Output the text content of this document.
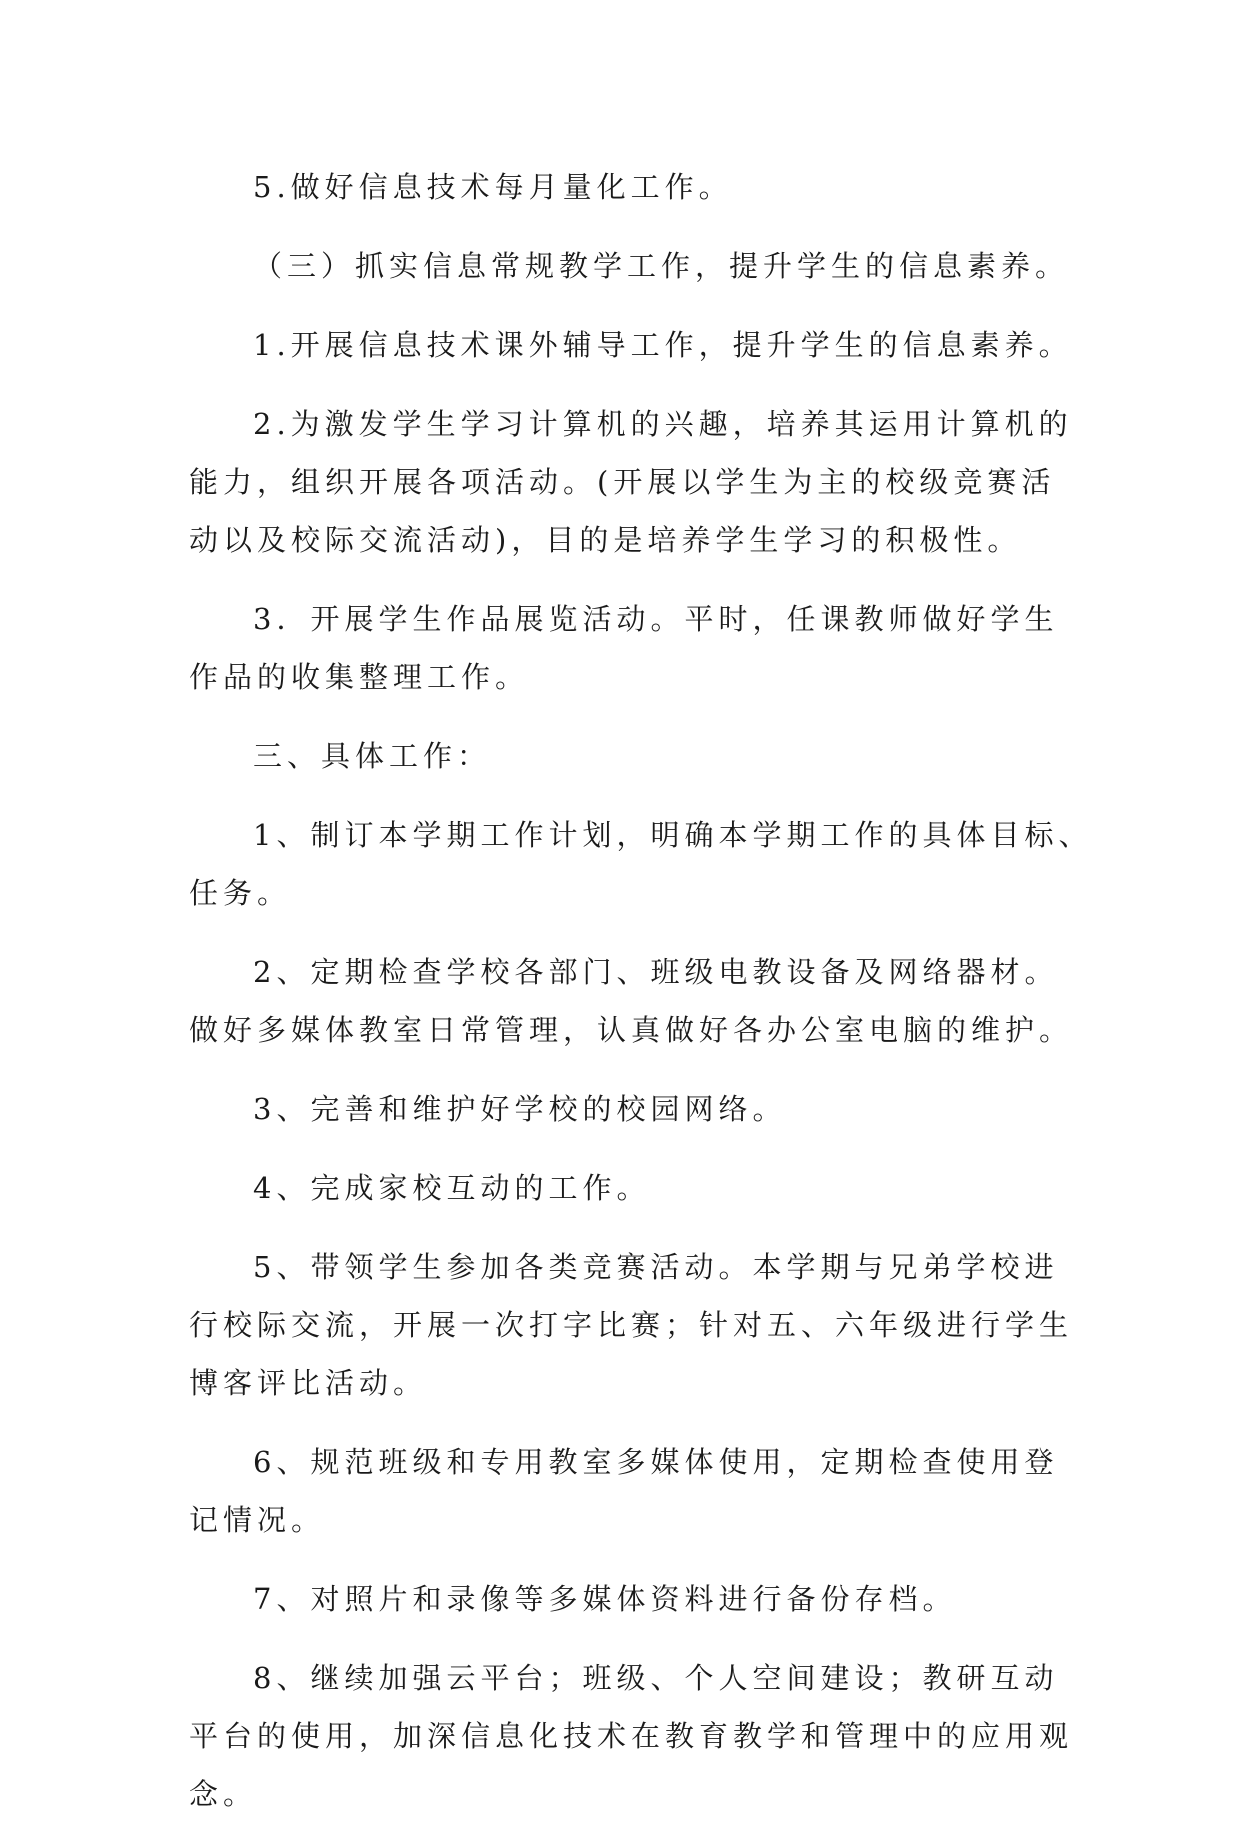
5.做好信息技术每月量化工作。

（三）抓实信息常规教学工作，提升学生的信息素养。

1.开展信息技术课外辅导工作，提升学生的信息素养。

2.为激发学生学习计算机的兴趣，培养其运用计算机的
能力，组织开展各项活动。(开展以学生为主的校级竞赛活
动以及校际交流活动)，目的是培养学生学习的积极性。

3．开展学生作品展览活动。平时，任课教师做好学生
作品的收集整理工作。

三、具体工作：

1、制订本学期工作计划，明确本学期工作的具体目标、
任务。

2、定期检查学校各部门、班级电教设备及网络器材。
做好多媒体教室日常管理，认真做好各办公室电脑的维护。

3、完善和维护好学校的校园网络。

4、完成家校互动的工作。

5、带领学生参加各类竞赛活动。本学期与兄弟学校进
行校际交流，开展一次打字比赛；针对五、六年级进行学生
博客评比活动。

6、规范班级和专用教室多媒体使用，定期检查使用登
记情况。

7、对照片和录像等多媒体资料进行备份存档。

8、继续加强云平台；班级、个人空间建设；教研互动
平台的使用，加深信息化技术在教育教学和管理中的应用观
念。
